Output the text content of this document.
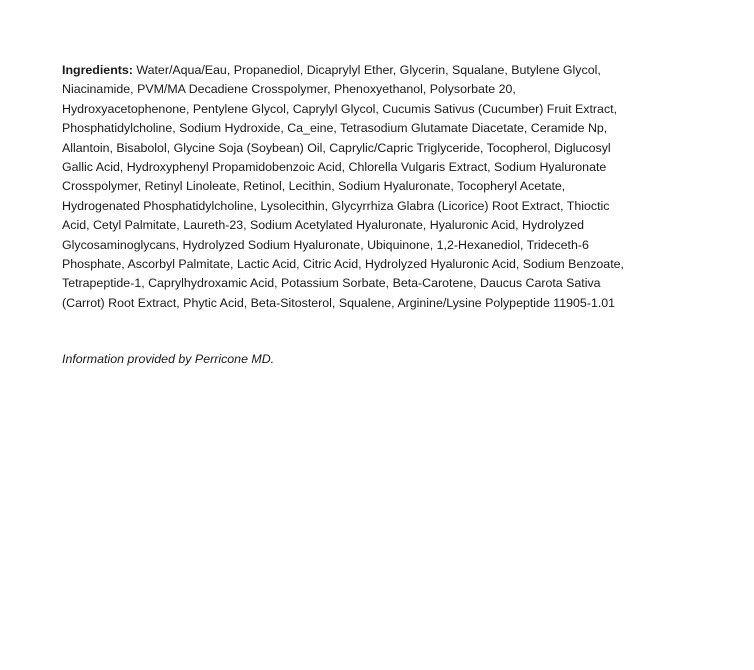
Ingredients: Water/Aqua/Eau, Propanediol, Dicaprylyl Ether, Glycerin, Squalane, Butylene Glycol,
Niacinamide, PVM/MA Decadiene Crosspolymer, Phenoxyethanol, Polysorbate 20,
Hydroxyacetophenone, Pentylene Glycol, Caprylyl Glycol, Cucumis Sativus (Cucumber) Fruit Extract,
Phosphatidylcholine, Sodium Hydroxide, Ca_eine, Tetrasodium Glutamate Diacetate, Ceramide Np,
Allantoin, Bisabolol, Glycine Soja (Soybean) Oil, Caprylic/Capric Triglyceride, Tocopherol, Diglucosyl
Gallic Acid, Hydroxyphenyl Propamidobenzoic Acid, Chlorella Vulgaris Extract, Sodium Hyaluronate
Crosspolymer, Retinyl Linoleate, Retinol, Lecithin, Sodium Hyaluronate, Tocopheryl Acetate,
Hydrogenated Phosphatidylcholine, Lysolecithin, Glycyrrhiza Glabra (Licorice) Root Extract, Thioctic
Acid, Cetyl Palmitate, Laureth-23, Sodium Acetylated Hyaluronate, Hyaluronic Acid, Hydrolyzed
Glycosaminoglycans, Hydrolyzed Sodium Hyaluronate, Ubiquinone, 1,2-Hexanediol, Trideceth-6
Phosphate, Ascorbyl Palmitate, Lactic Acid, Citric Acid, Hydrolyzed Hyaluronic Acid, Sodium Benzoate,
Tetrapeptide-1, Caprylhydroxamic Acid, Potassium Sorbate, Beta-Carotene, Daucus Carota Sativa
(Carrot) Root Extract, Phytic Acid, Beta-Sitosterol, Squalene, Arginine/Lysine Polypeptide 11905-1.01
Information provided by Perricone MD.
